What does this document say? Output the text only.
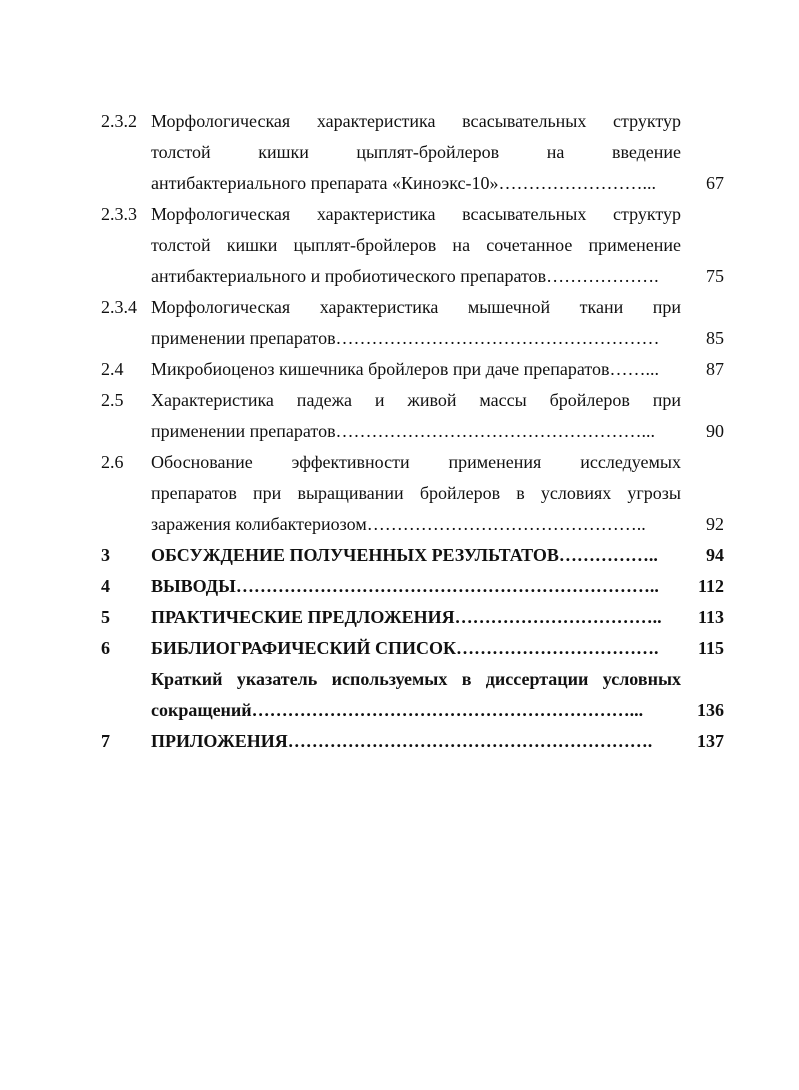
2.3.2 Морфологическая характеристика всасывательных структур
толстой кишки цыплят-бройлеров на введение
антибактериального препарата «Киноэкс-10»……………………...	67
2.3.3 Морфологическая характеристика всасывательных структур
толстой кишки цыплят-бройлеров на сочетанное применение
антибактериального и пробиотического препаратов……………….	75
2.3.4 Морфологическая характеристика мышечной ткани при
применении препаратов………………………………………………	85
2.4	Микробиоценоз кишечника бройлеров при даче препаратов……...	87
2.5	Характеристика падежа и живой массы бройлеров при
применении препаратов……………………………………………...	90
2.6	Обоснование эффективности применения исследуемых
препаратов при выращивании бройлеров в условиях угрозы
заражения колибактериозом………………………………………..	92
3	ОБСУЖДЕНИЕ ПОЛУЧЕННЫХ РЕЗУЛЬТАТОВ……………..	94
4	ВЫВОДЫ……………………………………………………………..	112
5	ПРАКТИЧЕСКИЕ ПРЕДЛОЖЕНИЯ……………………………..	113
6	БИБЛИОГРАФИЧЕСКИЙ СПИСОК…………………………….	115
Краткий указатель используемых в диссертации условных
сокращений………………………………………………………...	136
7	ПРИЛОЖЕНИЯ…………………………………………………….	137
